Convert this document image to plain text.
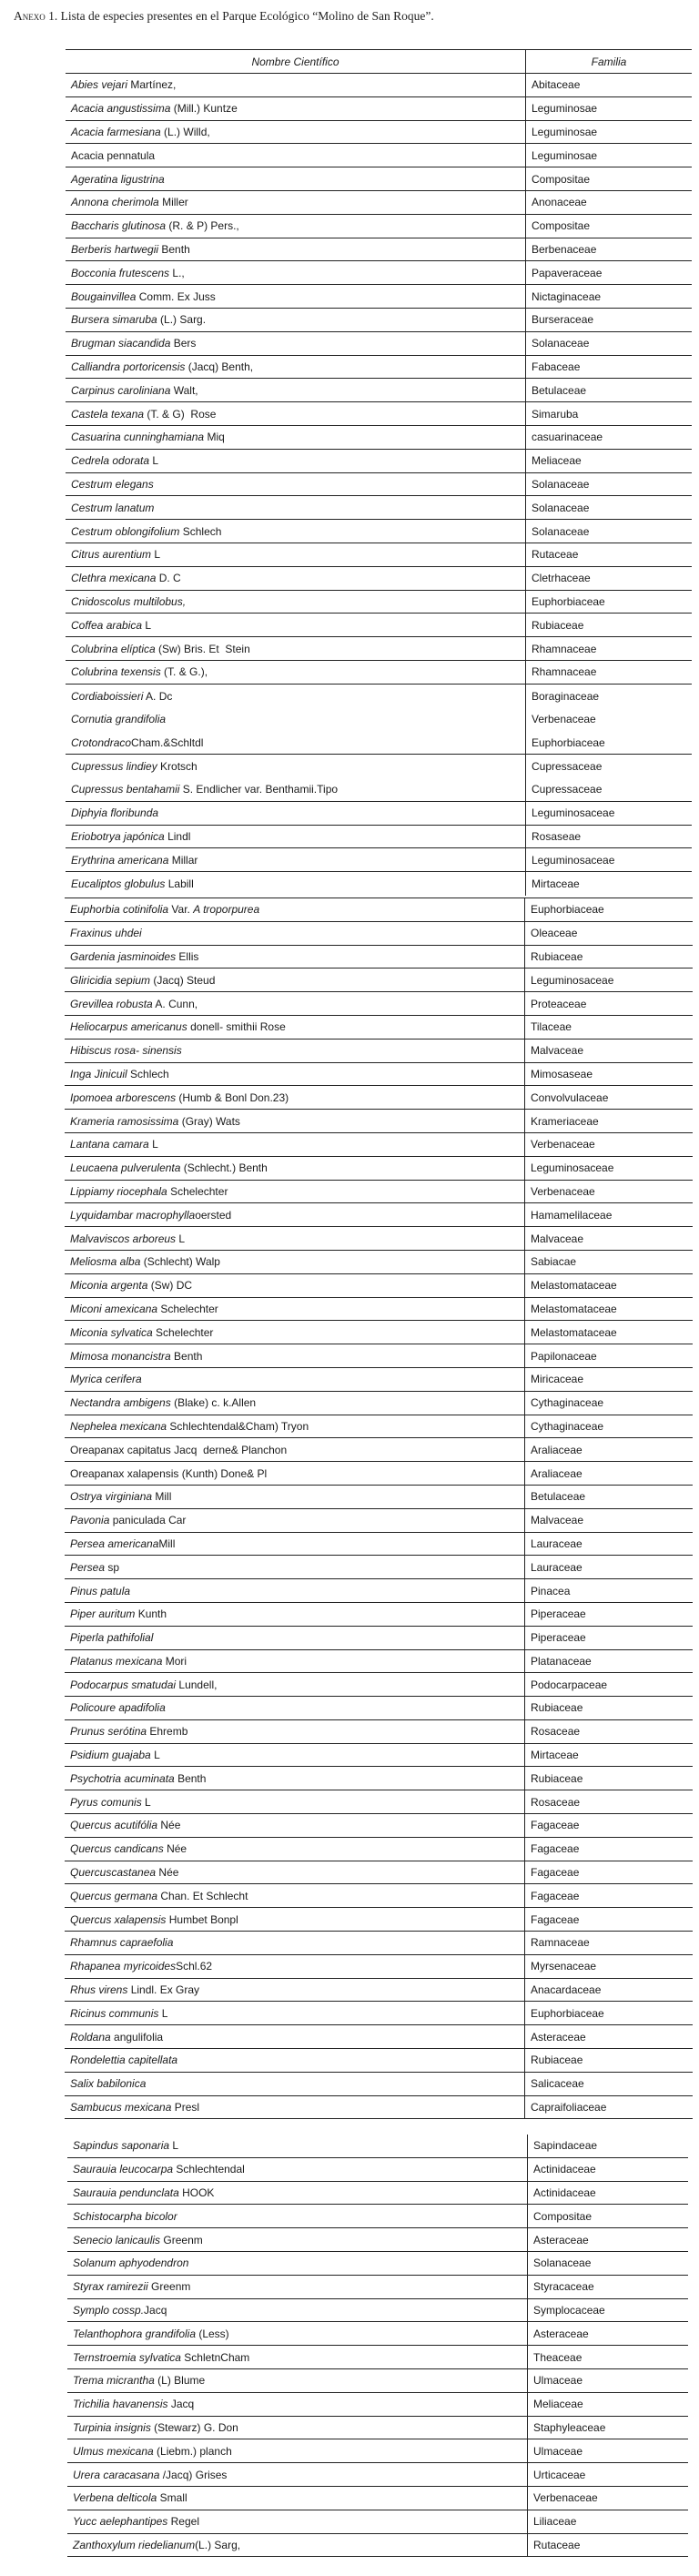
Anexo 1. Lista de especies presentes en el Parque Ecológico “Molino de San Roque”.
Nombre Científico	Familia
Abies vejari Martínez,	Abitaceae
Acacia angustissima (Mill.) Kuntze	Leguminosae
Acacia farmesiana (L.) Willd,	Leguminosae
Acacia pennatula	Leguminosae
Ageratina ligustrina	Compositae
Annona cherimola Miller	Anonaceae
Baccharis glutinosa (R. & P) Pers.,	Compositae
Berberis hartwegii Benth	Berbenaceae
Bocconia frutescens L.,	Papaveraceae
Bougainvillea Comm. Ex Juss	Nictaginaceae
Bursera simaruba (L.) Sarg.	Burseraceae
Brugman siacandida Bers	Solanaceae
Calliandra portoricensis (Jacq) Benth,	Fabaceae
Carpinus caroliniana Walt,	Betulaceae
Castela texana (T. & G)  Rose	Simaruba
Casuarina cunninghamiana Miq	casuarinaceae
Cedrela odorata L	Meliaceae
Cestrum elegans	Solanaceae
Cestrum lanatum	Solanaceae
Cestrum oblongifolium Schlech	Solanaceae
Citrus aurentium L	Rutaceae
Clethra mexicana D. C	Cletrhaceae
Cnidoscolus multilobus,	Euphorbiaceae
Coffea arabica L	Rubiaceae
Colubrina elíptica (Sw) Bris. Et  Stein	Rhamnaceae
Colubrina texensis (T. & G.),	Rhamnaceae
Cordiaboissieri A. Dc	Boraginaceae
Cornutia grandifolia	Verbenaceae
Crotondraco Cham.&Schltdl	Euphorbiaceae
Cupressus lindiey Krotsch	Cupressaceae
Cupressus bentahamii S. Endlicher var. Benthamii.Tipo	Cupressaceae
Diphyia floribunda	Leguminosaceae
Eriobotrya japónica Lindl	Rosaseae
Erythrina americana Millar	Leguminosaceae
Eucaliptos globulus Labill	Mirtaceae
Euphorbia cotinifolia Var. A troporpurea	Euphorbiaceae
Fraxinus uhdei	Oleaceae
Gardenia jasminoides Ellis	Rubiaceae
Gliricidia sepium (Jacq) Steud	Leguminosaceae
Grevillea robusta A. Cunn,	Proteaceae
Heliocarpus americanus donell- smithii Rose	Tilaceae
Hibiscus rosa- sinensis	Malvaceae
Inga Jinicuil Schlech	Mimosaseae
Ipomoea arborescens (Humb & Bonl Don.23)	Convolvulaceae
Krameria ramosissima (Gray) Wats	Krameriaceae
Lantana camara L	Verbenaceae
Leucaena pulverulenta (Schlecht.) Benth	Leguminosaceae
Lippiamy riocephala Schelechter	Verbenaceae
Lyquidambar macrophylla oersted	Hamamelilaceae
Malvaviscos arboreus L	Malvaceae
Meliosma alba (Schlecht) Walp	Sabiacae
Miconia argenta (Sw) DC	Melastomataceae
Miconi amexicana Schelechter	Melastomataceae
Miconia sylvatica Schelechter	Melastomataceae
Mimosa monancistra Benth	Papilonaceae
Myrica cerifera	Miricaceae
Nectandra ambigens (Blake) c. k.Allen	Cythaginaceae
Nephelea mexicana Schlechtendal&Cham) Tryon	Cythaginaceae
Oreapanax capitatus Jacq  derne& Planchon	Araliaceae
Oreapanax xalapensis (Kunth) Done& Pl	Araliaceae
Ostrya virginiana Mill	Betulaceae
Pavonia paniculada Car	Malvaceae
Persea americana Mill	Lauraceae
Persea sp	Lauraceae
Pinus patula	Pinacea
Piper auritum Kunth	Piperaceae
Piperla pathifolial	Piperaceae
Platanus mexicana Mori	Platanaceae
Podocarpus smatudai Lundell,	Podocarpaceae
Policoure apadifolia	Rubiaceae
Prunus serótina Ehremb	Rosaceae
Psidium guajaba L	Mirtaceae
Psychotria acuminata Benth	Rubiaceae
Pyrus comunis L	Rosaceae
Quercus acutifólia Née	Fagaceae
Quercus candicans Née	Fagaceae
Quercuscastanea Née	Fagaceae
Quercus germana Chan. Et Schlecht	Fagaceae
Quercus xalapensis Humbet Bonpl	Fagaceae
Rhamnus capraefolia	Ramnaceae
Rhapanea myricoides Schl.62	Myrsenaceae
Rhus virens Lindl. Ex Gray	Anacardaceae
Ricinus communis L	Euphorbiaceae
Roldana angulifolia	Asteraceae
Rondelettia capitellata	Rubiaceae
Salix babilonica	Salicaceae
Sambucus mexicana Presl	Capraifoliaceae
Sapindus saponaria L	Sapindaceae
Saurauia leucocarpa Schlechtendal	Actinidaceae
Saurauia pendunclata HOOK	Actinidaceae
Schistocarpha bicolor	Compositae
Senecio lanicaulis Greenm	Asteraceae
Solanum aphyodendron	Solanaceae
Styrax ramirezii Greenm	Styracaceae
Symplo cossp. Jacq	Symplocaceae
Telanthophora grandifolia (Less)	Asteraceae
Ternstroemia sylvatica SchletnCham	Theaceae
Trema micrantha (L) Blume	Ulmaceae
Trichilia havanensis Jacq	Meliaceae
Turpinia insignis (Stewarz) G. Don	Staphyleaceae
Ulmus mexicana (Liebm.) planch	Ulmaceae
Urera caracasana /Jacq) Grises	Urticaceae
Verbena delticola Small	Verbenaceae
Yucc aelephantipes Regel	Liliaceae
Zanthoxylum riedelianum (L.) Sarg,	Rutaceae
